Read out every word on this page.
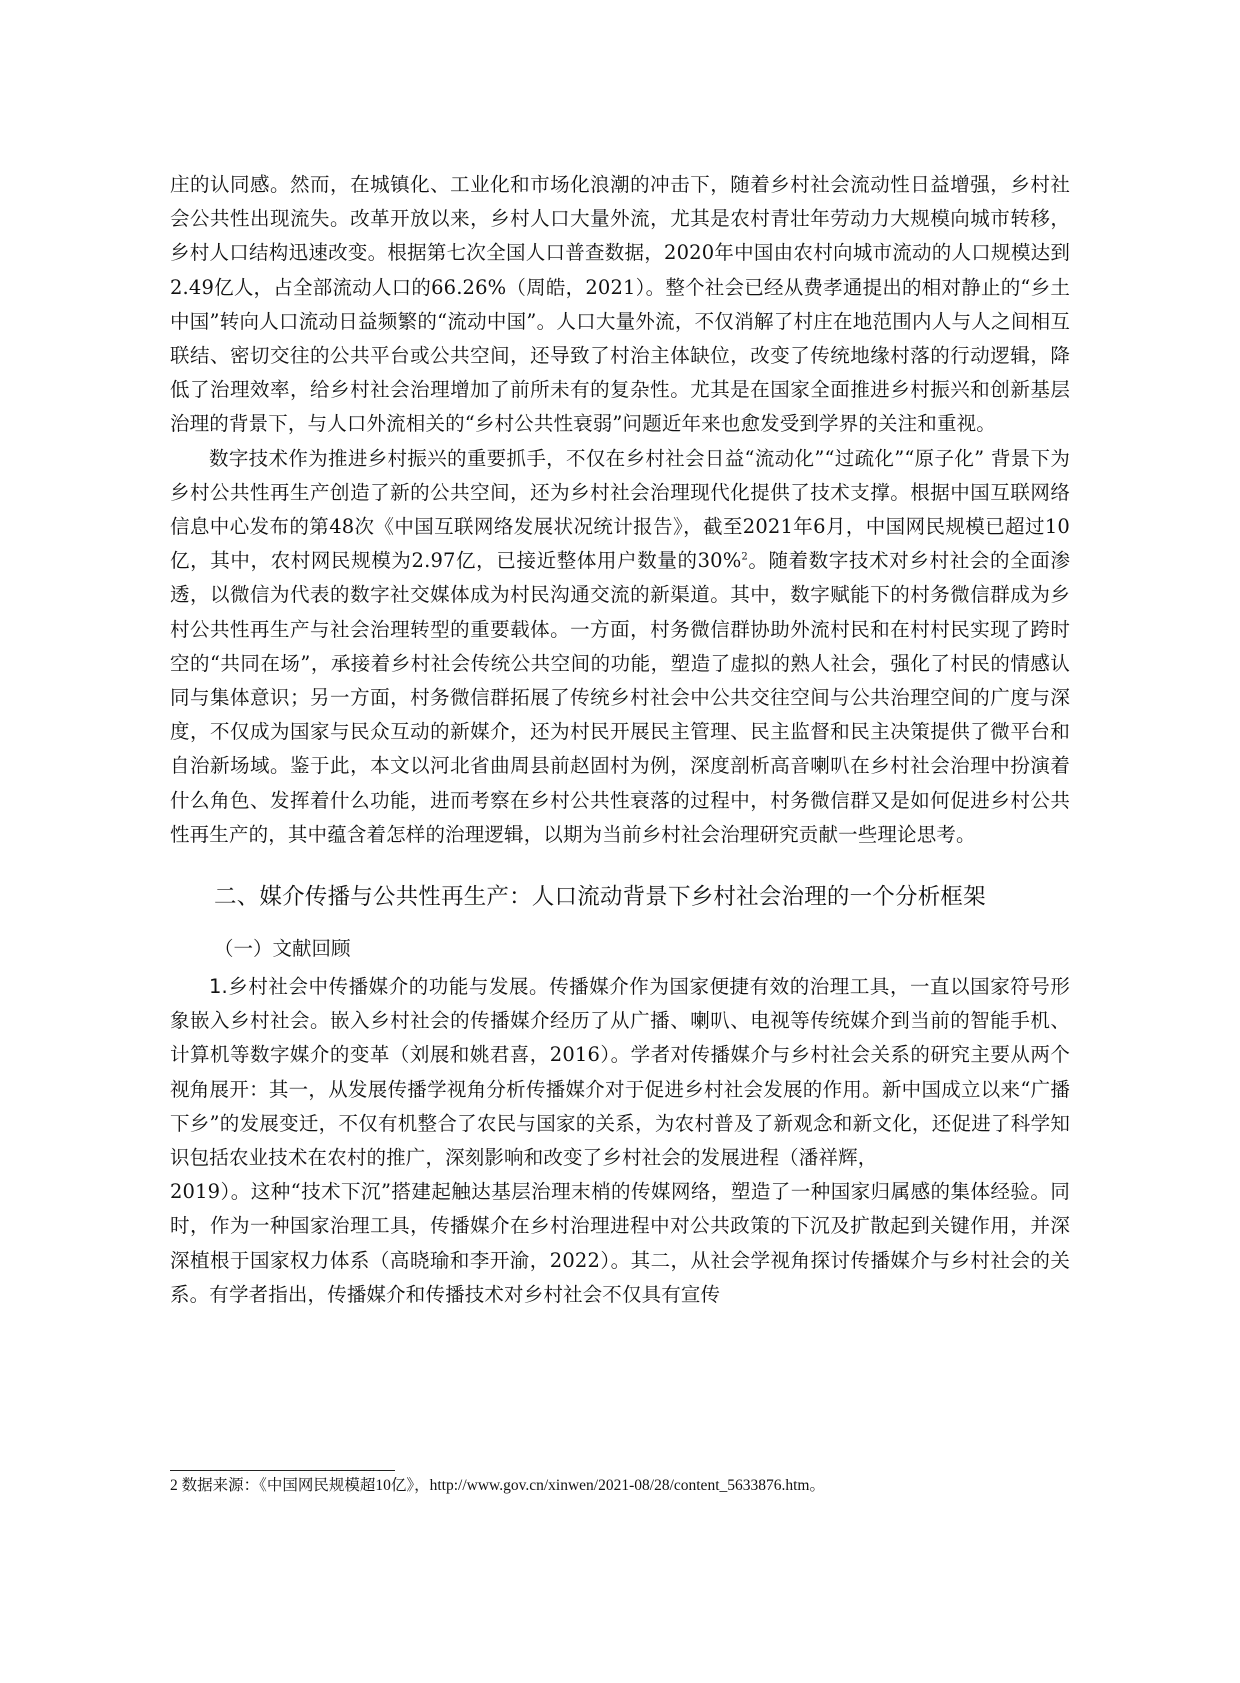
庄的认同感。然而，在城镇化、工业化和市场化浪潮的冲击下，随着乡村社会流动性日益增强，乡村社会公共性出现流失。改革开放以来，乡村人口大量外流，尤其是农村青壮年劳动力大规模向城市转移，乡村人口结构迅速改变。根据第七次全国人口普查数据，2020年中国由农村向城市流动的人口规模达到2.49亿人，占全部流动人口的66.26%（周皓，2021）。整个社会已经从费孝通提出的相对静止的“乡土中国”转向人口流动日益频繁的“流动中国”。人口大量外流，不仅消解了村庄在地范围内人与人之间相互联结、密切交往的公共平台或公共空间，还导致了村治主体缺位，改变了传统地缘村落的行动逻辑，降低了治理效率，给乡村社会治理增加了前所未有的复杂性。尤其是在国家全面推进乡村振兴和创新基层治理的背景下，与人口外流相关的“乡村公共性衰弱”问题近年来也愈发受到学界的关注和重视。

数字技术作为推进乡村振兴的重要抓手，不仅在乡村社会日益“流动化”“过疏化”“原子化” 背景下为乡村公共性再生产创造了新的公共空间，还为乡村社会治理现代化提供了技术支撑。根据中国互联网络信息中心发布的第48次《中国互联网络发展状况统计报告》，截至2021年6月，中国网民规模已超过10亿，其中，农村网民规模为2.97亿，已接近整体用户数量的30%$^2$。随着数字技术对乡村社会的全面渗透，以微信为代表的数字社交媒体成为村民沟通交流的新渠道。其中，数字赋能下的村务微信群成为乡村公共性再生产与社会治理转型的重要载体。一方面，村务微信群协助外流村民和在村村民实现了跨时空的“共同在场”，承接着乡村社会传统公共空间的功能，塑造了虚拟的熟人社会，强化了村民的情感认同与集体意识；另一方面，村务微信群拓展了传统乡村社会中公共交往空间与公共治理空间的广度与深度，不仅成为国家与民众互动的新媒介，还为村民开展民主管理、民主监督和民主决策提供了微平台和自治新场域。鉴于此，本文以河北省曲周县前赵固村为例，深度剖析高音喇叭在乡村社会治理中扮演着什么角色、发挥着什么功能，进而考察在乡村公共性衰落的过程中，村务微信群又是如何促进乡村公共性再生产的，其中蕴含着怎样的治理逻辑，以期为当前乡村社会治理研究贡献一些理论思考。

二、媒介传播与公共性再生产：人口流动背景下乡村社会治理的一个分析框架
（一）文献回顾

1.乡村社会中传播媒介的功能与发展。传播媒介作为国家便捷有效的治理工具，一直以国家符号形象嵌入乡村社会。嵌入乡村社会的传播媒介经历了从广播、喇叭、电视等传统媒介到当前的智能手机、计算机等数字媒介的变革（刘展和姚君喜，2016）。学者对传播媒介与乡村社会关系的研究主要从两个视角展开：其一，从发展传播学视角分析传播媒介对于促进乡村社会发展的作用。新中国成立以来“广播下乡”的发展变迁，不仅有机整合了农民与国家的关系，为农村普及了新观念和新文化，还促进了科学知识包括农业技术在农村的推广，深刻影响和改变了乡村社会的发展进程（潘祥辉，

2019）。这种“技术下沉”搭建起触达基层治理末梢的传媒网络，塑造了一种国家归属感的集体经验。同时，作为一种国家治理工具，传播媒介在乡村治理进程中对公共政策的下沉及扩散起到关键作用，并深深植根于国家权力体系（高晓瑜和李开渝，2022）。其二，从社会学视角探讨传播媒介与乡村社会的关系。有学者指出，传播媒介和传播技术对乡村社会不仅具有宣传

2 数据来源：《中国网民规模超10亿》，http://www.gov.cn/xinwen/2021-08/28/content_5633876.htm。
